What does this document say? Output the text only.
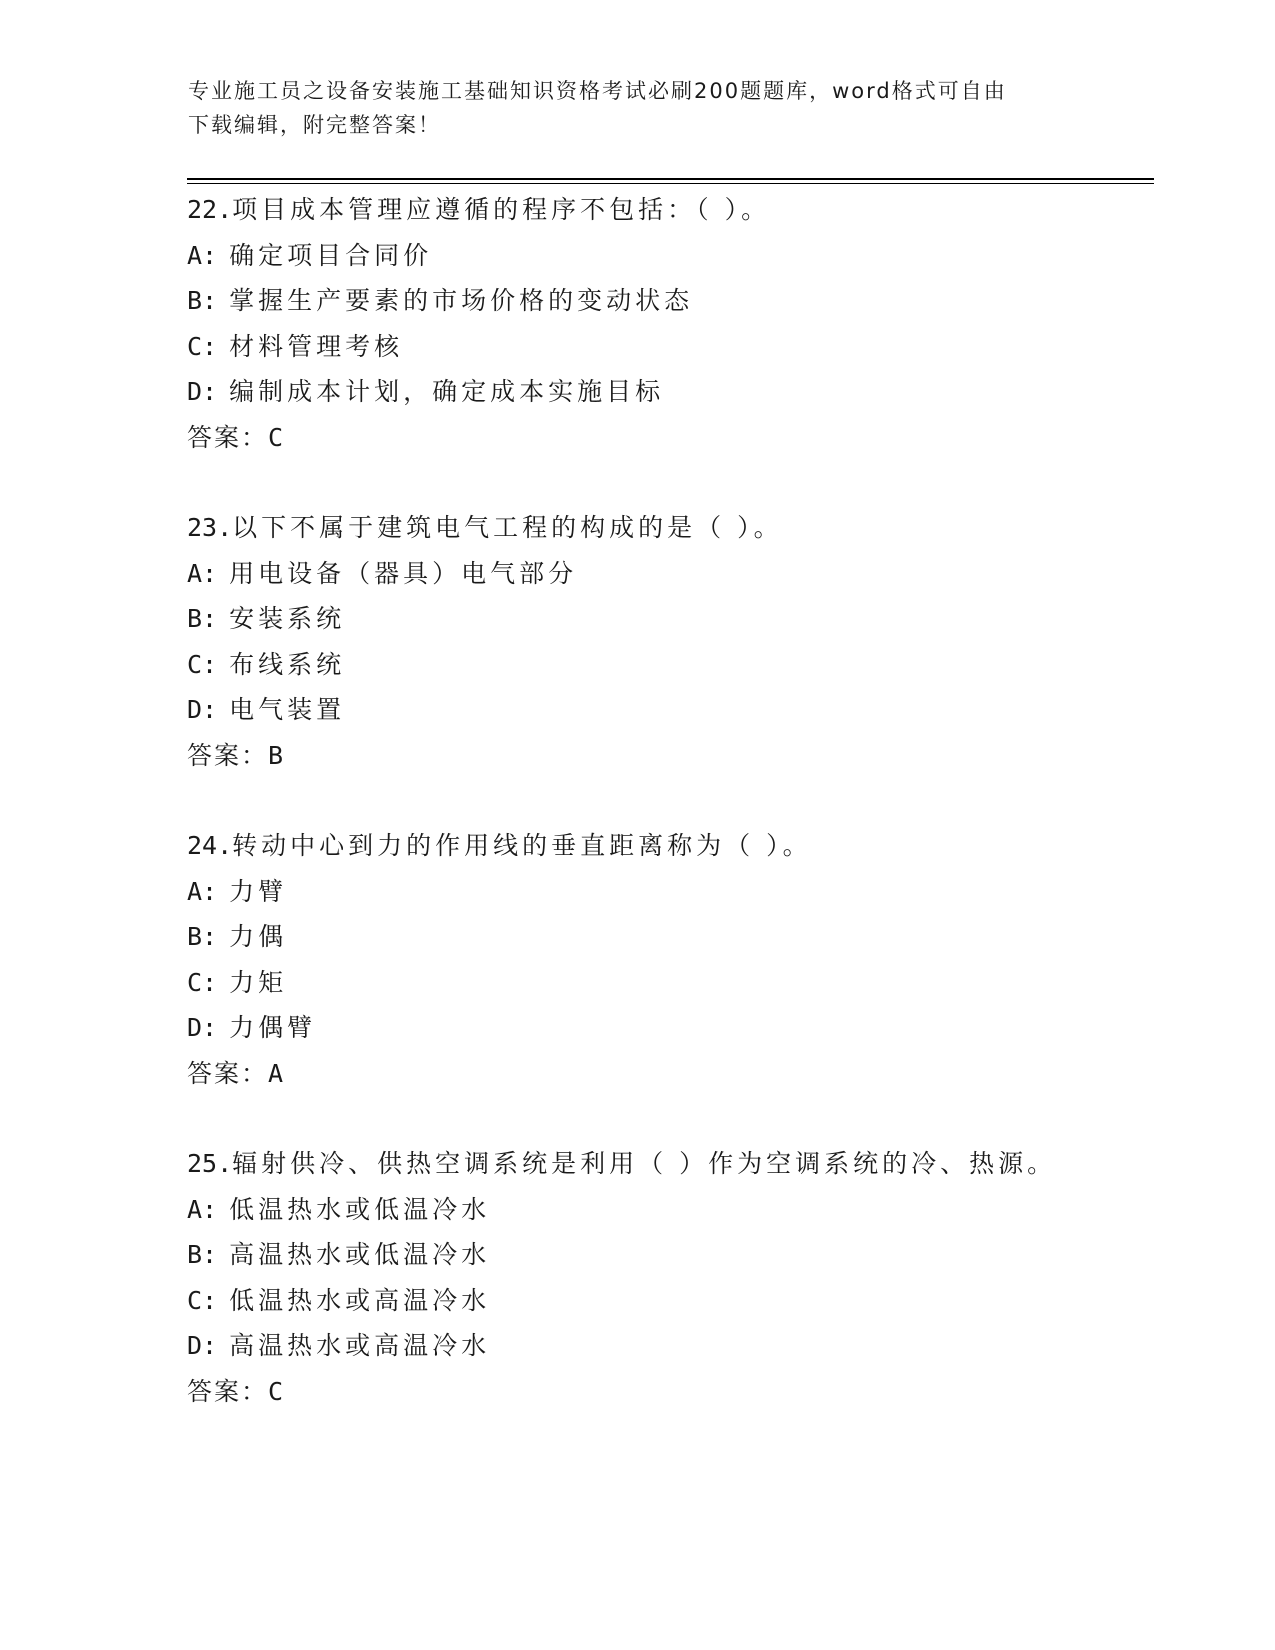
专业施工员之设备安装施工基础知识资格考试必刷200题题库，word格式可自由
下载编辑，附完整答案！
22.项目成本管理应遵循的程序不包括：（ ）。
A: 确定项目合同价
B: 掌握生产要素的市场价格的变动状态
C: 材料管理考核
D: 编制成本计划，确定成本实施目标
答案：C
23.以下不属于建筑电气工程的构成的是（ ）。
A: 用电设备（器具）电气部分
B: 安装系统
C: 布线系统
D: 电气装置
答案：B
24.转动中心到力的作用线的垂直距离称为（ ）。
A: 力臂
B: 力偶
C: 力矩
D: 力偶臂
答案：A
25.辐射供冷、供热空调系统是利用（ ）作为空调系统的冷、热源。
A: 低温热水或低温冷水
B: 高温热水或低温冷水
C: 低温热水或高温冷水
D: 高温热水或高温冷水
答案：C
